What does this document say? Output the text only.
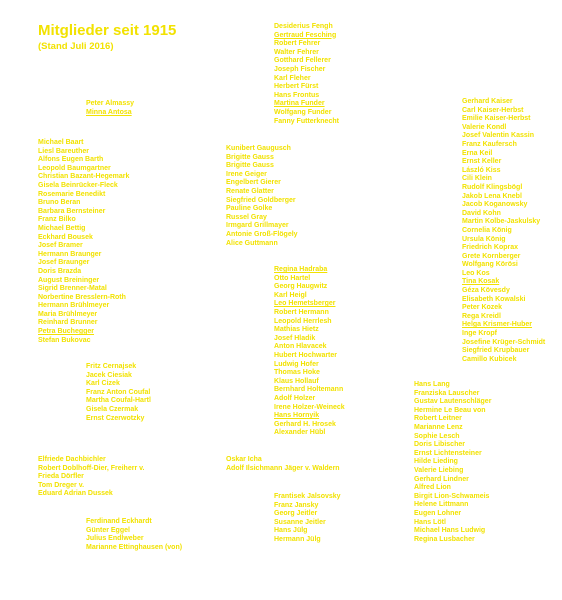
Mitglieder seit 1915
(Stand Juli 2016)
Desiderius Fengh
Gertraud Fesching
Robert Fehrer
Walter Fehrer
Gotthard Fellerer
Joseph Fischer
Karl Fleher
Herbert Fürst
Hans Frontus
Martina Funder
Wolfgang Funder
Fanny Futterknecht
Peter Almassy
Minna Antosa
Gerhard Kaiser
Carl Kaiser-Herbst
Emilie Kaiser-Herbst
Valerie Kondl
Josef Valentin Kassin
Franz Kaufersch
Erna Keil
Ernst Keller
László Kiss
Cili Klein
Rudolf Klingsbögl
Jakob Lena Knebl
Jacob Koganowsky
David Kohn
Martin Kolbe-Jaskulsky
Cornelia König
Ursula König
Friedrich Koprax
Grete Kornberger
Wolfgang Körösi
Leo Kos
Tina Kosak
Géza Kövesdy
Elisabeth Kowalski
Peter Kozek
Rega Kreidl
Helga Krismer-Huber
Inge Kropf
Josefine Krüger-Schmidt
Siegfried Krupbauer
Camillo Kubicek
Michael Baart
Liesl Bareuther
Alfons Eugen Barth
Leopold Baumgartner
Christian Bazant-Hegemark
Gisela Beinrücker-Fleck
Rosemarie Benedikt
Bruno Beran
Barbara Bernsteiner
Franz Bilko
Michael Bettig
Eckhard Bousek
Josef Bramer
Hermann Braunger
Josef Braunger
Doris Brazda
August Breininger
Sigrid Brenner-Matal
Norbertine Bresslern-Roth
Hermann Brühlmeyer
Maria Brühlmeyer
Reinhard Brunner
Petra Buchegger
Stefan Bukovac
Kunibert Gaugusch
Brigitte Gauss
Brigitte Gauss
Irene Geiger
Engelbert Gierer
Renate Glatter
Siegfried Goldberger
Pauline Golke
Russel Gray
Irmgard Grillmayer
Antonie Groß-Flögely
Alice Guttmann
Regina Hadraba
Otto Hartel
Georg Haugwitz
Karl Heigl
Leo Hemetsberger
Robert Hermann
Leopold Herrlesh
Mathias Hietz
Josef Hladik
Anton Hlavacek
Hubert Hochwarter
Ludwig Hofer
Thomas Hoke
Klaus Hollauf
Bernhard Holtemann
Adolf Holzer
Irene Holzer-Weineck
Hans Hornyik
Gerhard H. Hrosek
Alexander Hübl
Fritz Cernajsek
Jacek Ciesiak
Karl Cizek
Franz Anton Coufal
Martha Coufal-Hartl
Gisela Czermak
Ernst Czerwotzky
Hans Lang
Franziska Lauscher
Gustav Lautenschläger
Hermine Le Beau von
Robert Leitner
Marianne Lenz
Sophie Lesch
Doris Libischer
Ernst Lichtensteiner
Hilde Lieding
Valerie Liebing
Gerhard Lindner
Alfred Lion
Birgit Lion-Schwameis
Helene Littmann
Eugen Lohner
Hans Lötl
Michael Hans Ludwig
Regina Lusbacher
Elfriede Dachbichler
Robert Doblhoff-Dier, Freiherr v.
Frieda Dörfler
Tom Dreger v.
Eduard Adrian Dussek
Oskar Icha
Adolf Ilsichmann Jäger v. Waldern
Frantisek Jalsovsky
Franz Jansky
Georg Jeitler
Susanne Jeitler
Hans Jülg
Hermann Jülg
Ferdinand Eckhardt
Günter Eggel
Julius Endlweber
Marianne Ettinghausen (von)
